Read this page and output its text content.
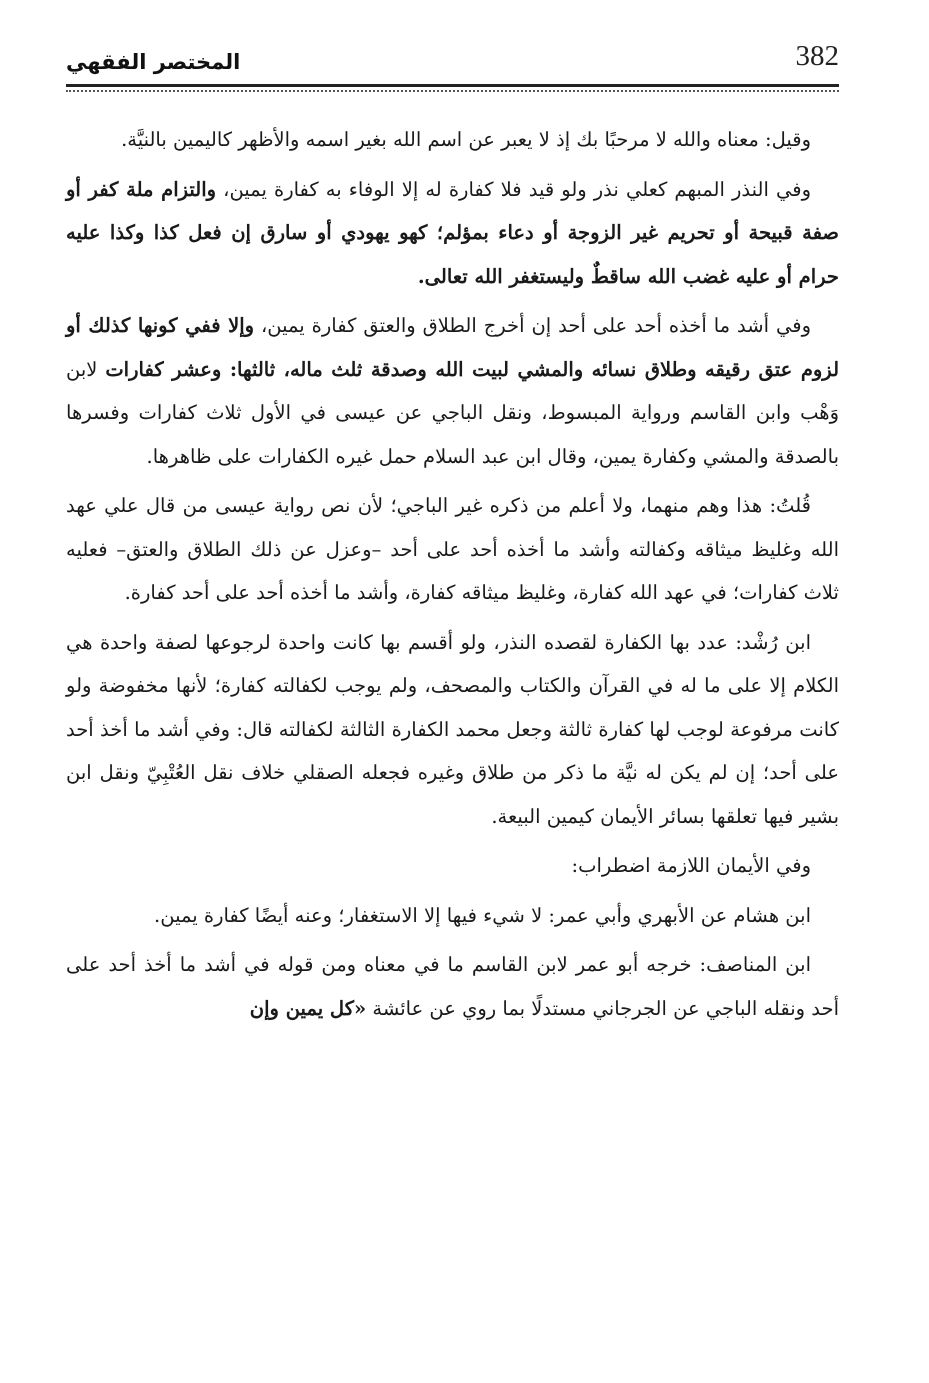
382
المختصر الفقهي

وقيل: معناه والله لا مرحبًا بك إذ لا يعبر عن اسم الله بغير اسمه والأظهر كاليمين بالنيَّة.

وفي النذر المبهم كعلي نذر ولو قيد فلا كفارة له إلا الوفاء به كفارة يمين، والتزام ملة كفر أو صفة قبيحة أو تحريم غير الزوجة أو دعاء بمؤلم؛ كهو يهودي أو سارق إن فعل كذا وكذا عليه حرام أو عليه غضب الله ساقطٌ وليستغفر الله تعالى.

وفي أشد ما أخذه أحد على أحد إن أخرج الطلاق والعتق كفارة يمين، وإلا ففي كونها كذلك أو لزوم عتق رقيقه وطلاق نسائه والمشي لبيت الله وصدقة ثلث ماله، ثالثها: وعشر كفارات لابن وَهْب وابن القاسم ورواية المبسوط، ونقل الباجي عن عيسى في الأول ثلاث كفارات وفسرها بالصدقة والمشي وكفارة يمين، وقال ابن عبد السلام حمل غيره الكفارات على ظاهرها.

قُلتُ: هذا وهم منهما، ولا أعلم من ذكره غير الباجي؛ لأن نص رواية عيسى من قال علي عهد الله وغليظ ميثاقه وكفالته وأشد ما أخذه أحد على أحد –وعزل عن ذلك الطلاق والعتق– فعليه ثلاث كفارات؛ في عهد الله كفارة، وغليظ ميثاقه كفارة، وأشد ما أخذه أحد على أحد كفارة.

ابن رُشْد: عدد بها الكفارة لقصده النذر، ولو أقسم بها كانت واحدة لرجوعها لصفة واحدة هي الكلام إلا على ما له في القرآن والكتاب والمصحف، ولم يوجب لكفالته كفارة؛ لأنها مخفوضة ولو كانت مرفوعة لوجب لها كفارة ثالثة وجعل محمد الكفارة الثالثة لكفالته قال: وفي أشد ما أخذ أحد على أحد؛ إن لم يكن له نيَّة ما ذكر من طلاق وغيره فجعله الصقلي خلاف نقل العُتْبِيّ ونقل ابن بشير فيها تعلقها بسائر الأيمان كيمين البيعة.

وفي الأيمان اللازمة اضطراب:

ابن هشام عن الأبهري وأبي عمر: لا شيء فيها إلا الاستغفار؛ وعنه أيضًا كفارة يمين.

ابن المناصف: خرجه أبو عمر لابن القاسم ما في معناه ومن قوله في أشد ما أخذ أحد على أحد ونقله الباجي عن الجرجاني مستدلًا بما روي عن عائشة «كل يمين وإن
